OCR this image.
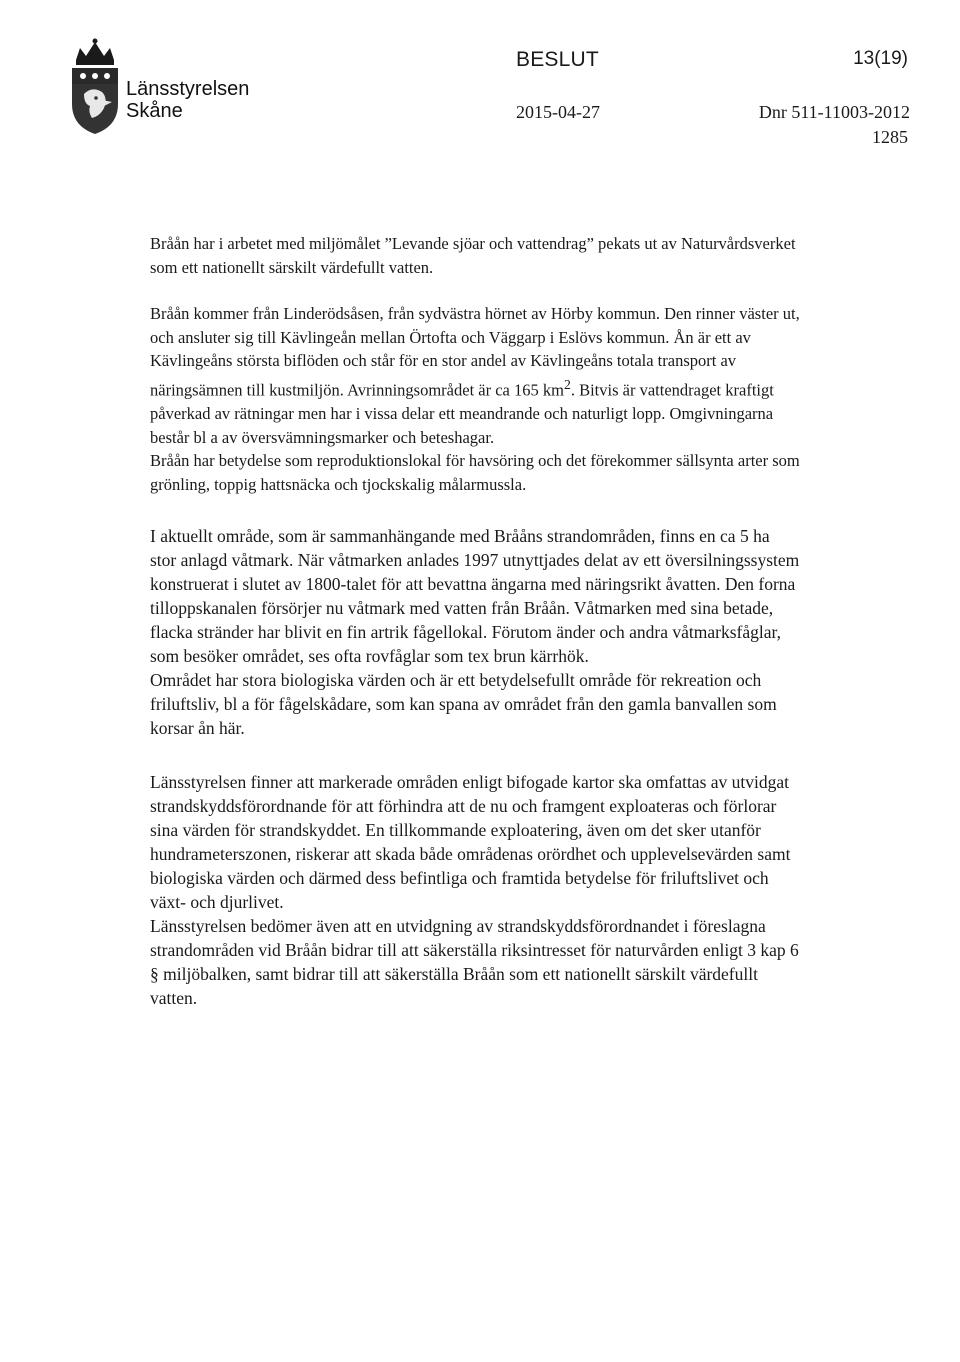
Länsstyrelsen
Skåne
BESLUT	13(19)
2015-04-27	Dnr 511-11003-2012
1285

Bråån har i arbetet med miljömålet ”Levande sjöar och vattendrag” pekats ut av Naturvårdsverket som ett nationellt särskilt värdefullt vatten.

Bråån kommer från Linderödsåsen, från sydvästra hörnet av Hörby kommun. Den rinner väster ut, och ansluter sig till Kävlingeån mellan Örtofta och Väggarp i Eslövs kommun. Ån är ett av Kävlingeåns största biflöden och står för en stor andel av Kävlingeåns totala transport av näringsämnen till kustmiljön. Avrinningsområdet är ca 165 $km^2$. Bitvis är vattendraget kraftigt påverkad av rätningar men har i vissa delar ett meandrande och naturligt lopp. Omgivningarna består bl a av översvämningsmarker och beteshagar.

Bråån har betydelse som reproduktionslokal för havsöring och det förekommer sällsynta arter som grönling, toppig hattsnäcka och tjockskalig målarmussla.

I aktuellt område, som är sammanhängande med Brååns strandområden, finns en ca 5 ha stor anlagd våtmark. När våtmarken anlades 1997 utnyttjades delat av ett översilningssystem konstruerat i slutet av 1800-talet för att bevattna ängarna med näringsrikt åvatten. Den forna tilloppskanalen försörjer nu våtmark med vatten från Bråån. Våtmarken med sina betade, flacka stränder har blivit en fin artrik fågellokal. Förutom änder och andra våtmarksfåglar, som besöker området, ses ofta rovfåglar som tex brun kärrhök.

Området har stora biologiska värden och är ett betydelsefullt område för rekreation och friluftsliv, bl a för fågelskådare, som kan spana av området från den gamla banvallen som korsar ån här.

Länsstyrelsen finner att markerade områden enligt bifogade kartor ska omfattas av utvidgat strandskyddsförordnande för att förhindra att de nu och framgent exploateras och förlorar sina värden för strandskyddet. En tillkommande exploatering, även om det sker utanför hundrameterszonen, riskerar att skada både områdenas orördhet och upplevelsevärden samt biologiska värden och därmed dess befintliga och framtida betydelse för friluftslivet och växt- och djurlivet.

Länsstyrelsen bedömer även att en utvidgning av strandskyddsförordnandet i föreslagna strandområden vid Bråån bidrar till att säkerställa riksintresset för naturvården enligt 3 kap 6 § miljöbalken, samt bidrar till att säkerställa Bråån som ett nationellt särskilt värdefullt vatten.
